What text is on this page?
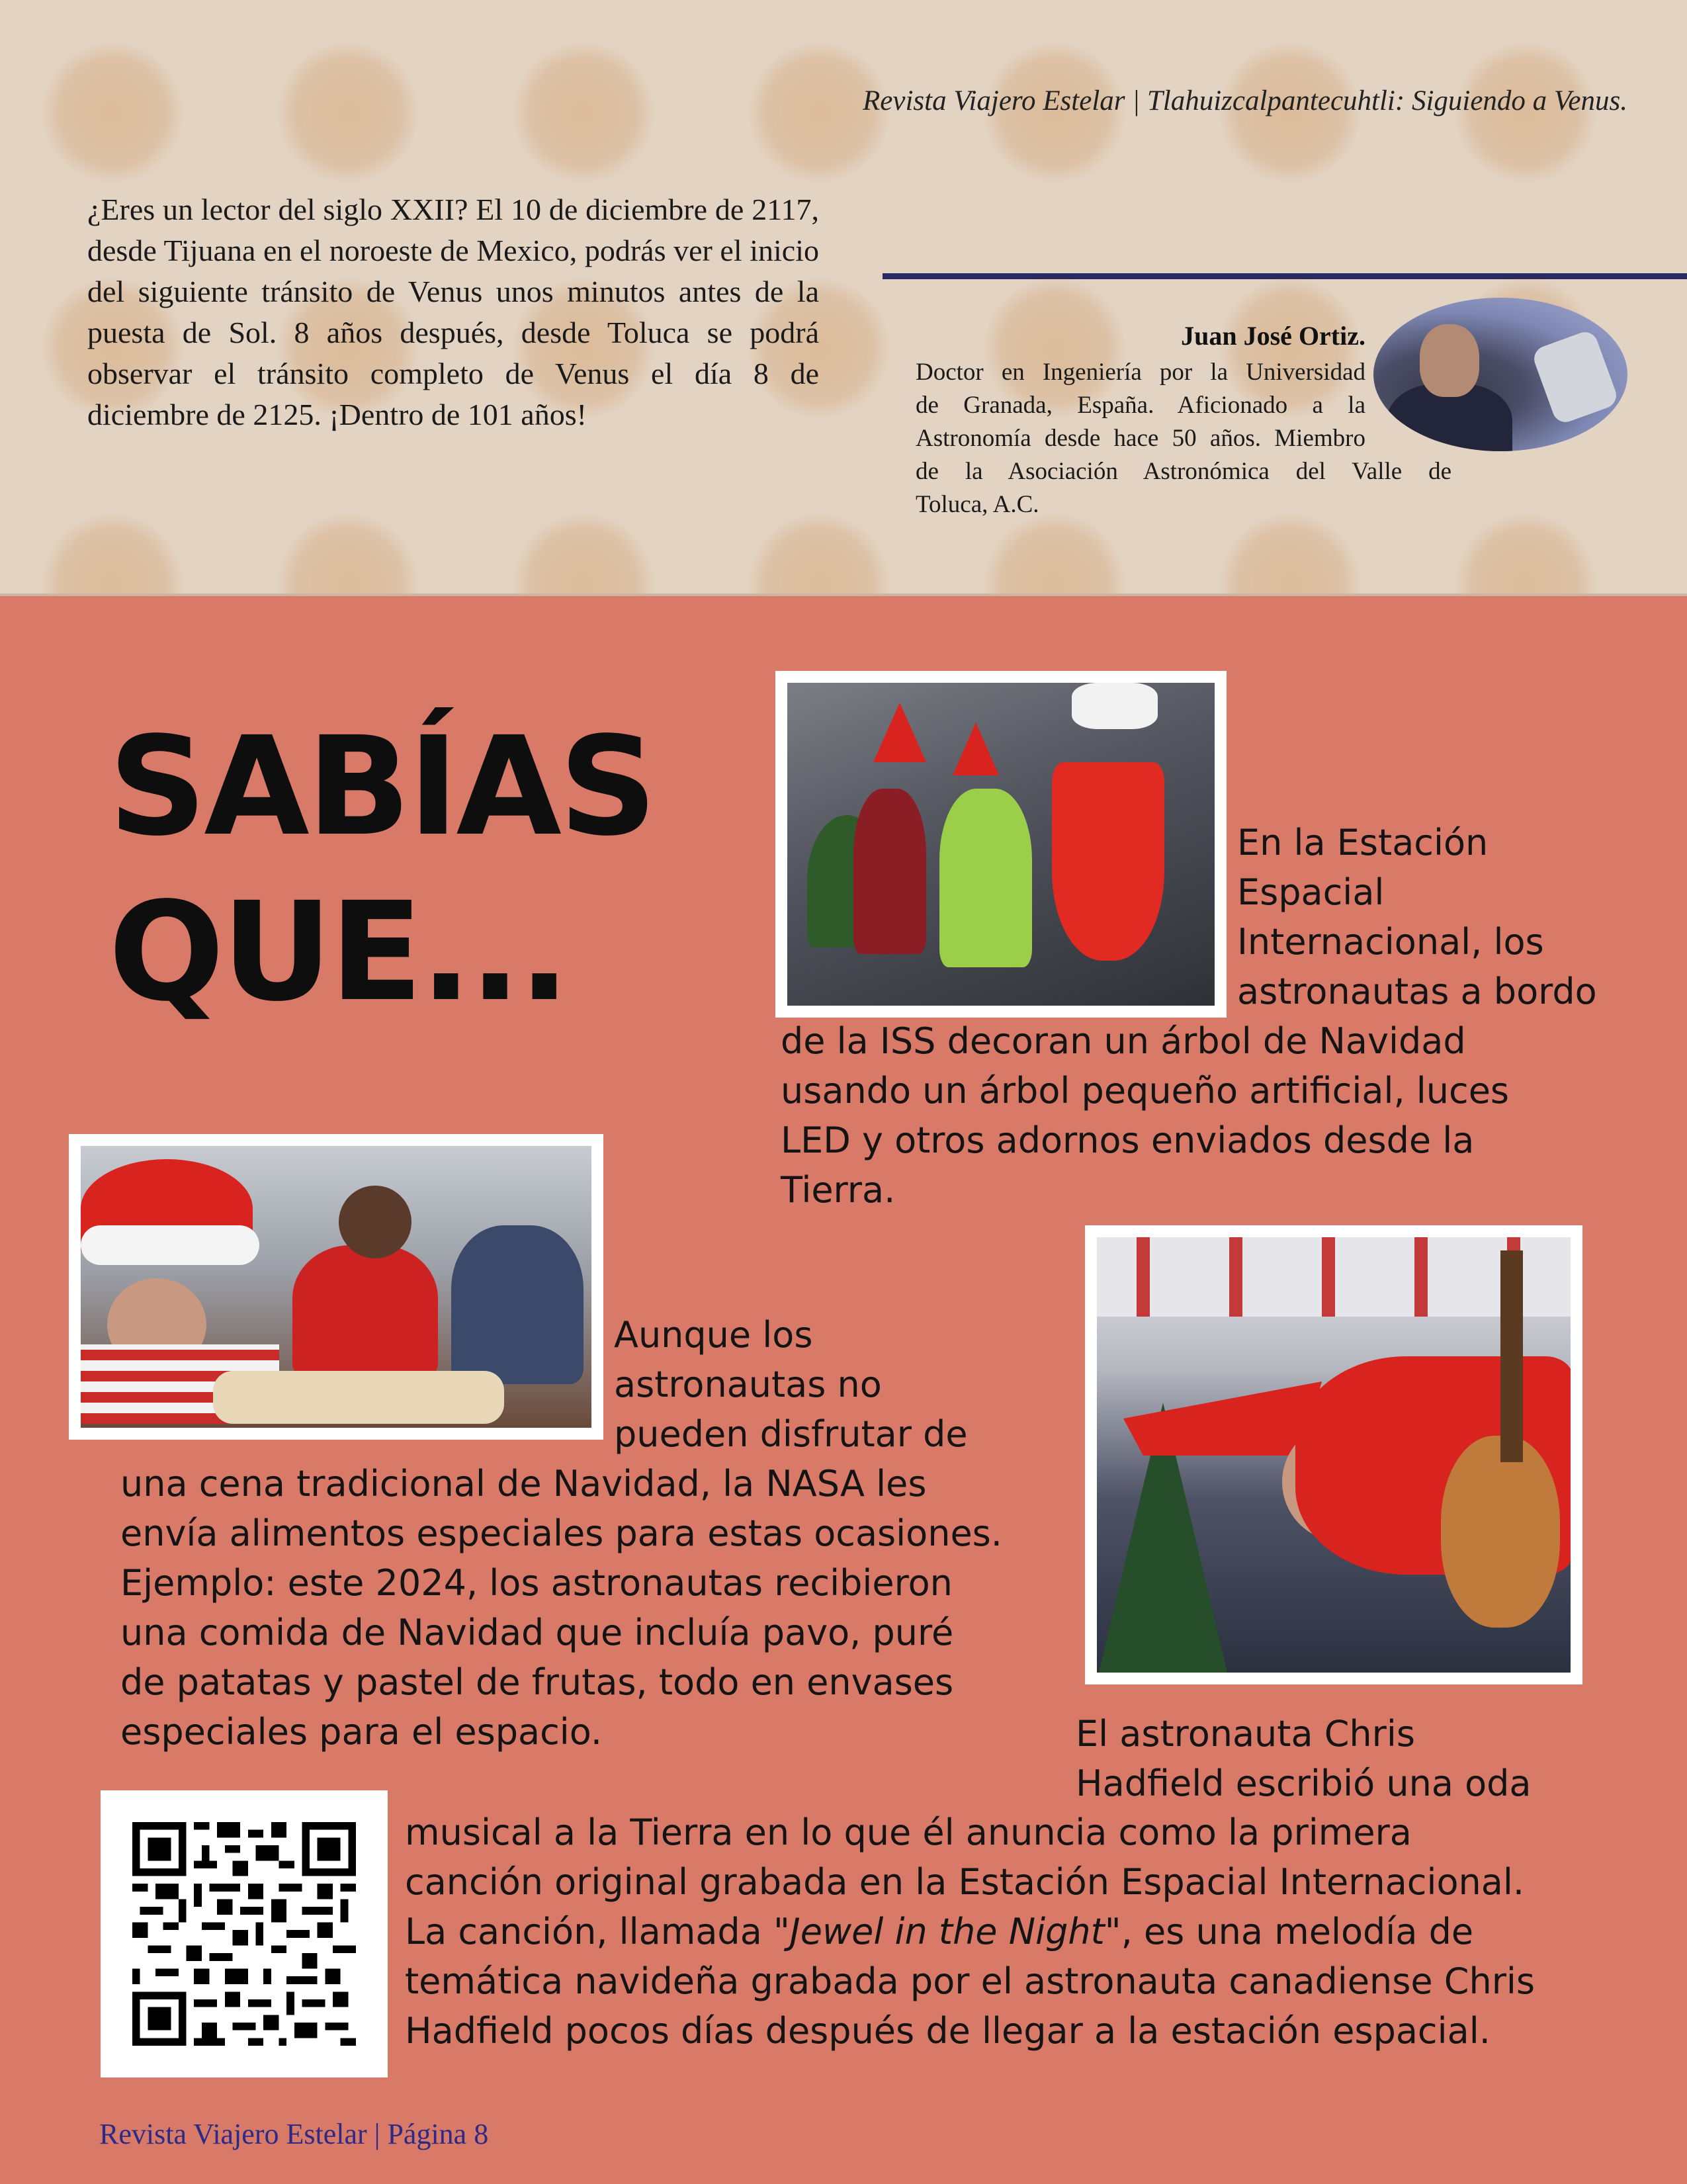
Revista Viajero Estelar | Tlahuizcalpantecuhtli: Siguiendo a Venus.
¿Eres un lector del siglo XXII? El 10 de diciembre de 2117, desde Tijuana en el noroeste de Mexico, podrás ver el inicio del siguiente tránsito de Venus unos minutos antes de la puesta de Sol. 8 años después, desde Toluca se podrá observar el tránsito completo de Venus el día 8 de diciembre de 2125. ¡Dentro de 101 años!
Juan José Ortiz.
Doctor en Ingeniería por la Universidad
de Granada, España. Aficionado a la
Astronomía desde hace 50 años. Miembro
de la Asociación Astronómica del Valle de
Toluca, A.C.
SABÍAS
QUE...
En la Estación
Espacial
Internacional, los
astronautas a bordo
de la ISS decoran un árbol de Navidad
usando un árbol pequeño artificial, luces
LED y otros adornos enviados desde la
Tierra.
Aunque los
astronautas no
pueden disfrutar de
una cena tradicional de Navidad, la NASA les
envía alimentos especiales para estas ocasiones.
Ejemplo: este 2024, los astronautas recibieron
una comida de Navidad que incluía pavo, puré
de patatas y pastel de frutas, todo en envases
especiales para el espacio.	El astronauta Chris
Hadfield escribió una oda
musical a la Tierra en lo que él anuncia como la primera
canción original grabada en la Estación Espacial Internacional.
La canción, llamada "Jewel in the Night", es una melodía de
temática navideña grabada por el astronauta canadiense Chris
Hadfield pocos días después de llegar a la estación espacial.
Revista Viajero Estelar | Página 8
